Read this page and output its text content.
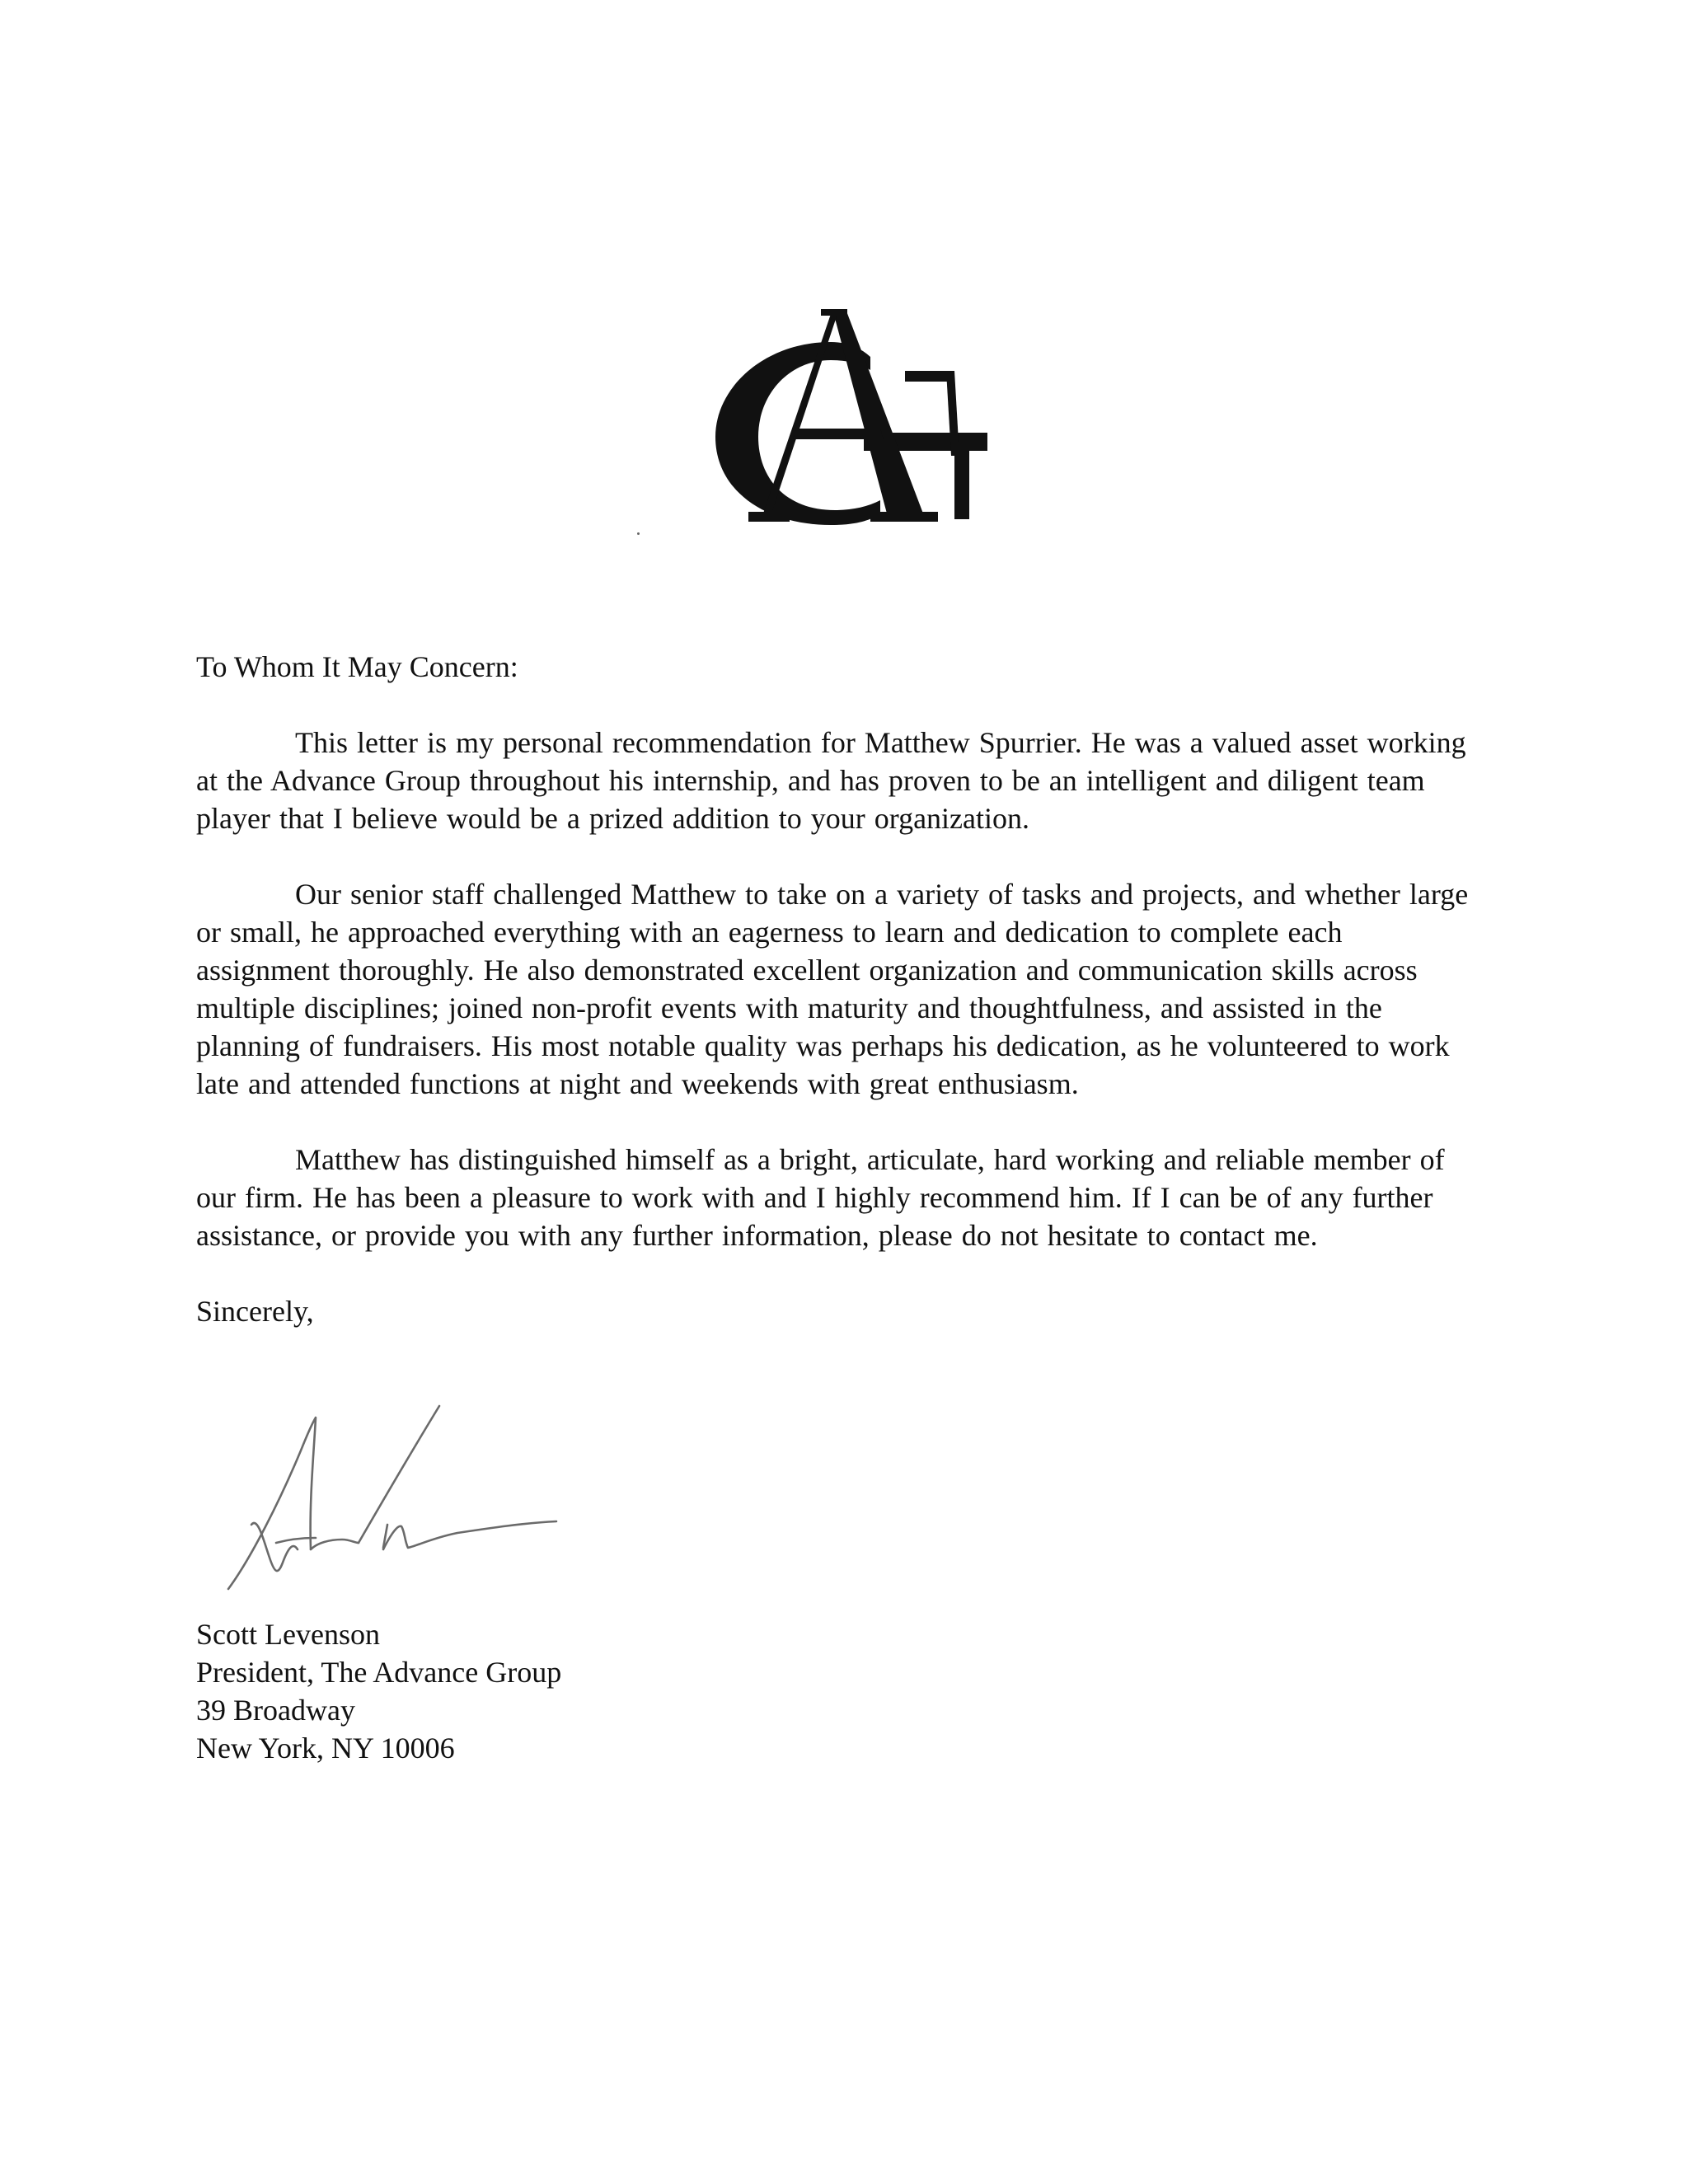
To Whom It May Concern:

This letter is my personal recommendation for Matthew Spurrier. He was a valued asset working at the Advance Group throughout his internship, and has proven to be an intelligent and diligent team player that I believe would be a prized addition to your organization.

Our senior staff challenged Matthew to take on a variety of tasks and projects, and whether large or small, he approached everything with an eagerness to learn and dedication to complete each assignment thoroughly. He also demonstrated excellent organization and communication skills across multiple disciplines; joined non-profit events with maturity and thoughtfulness, and assisted in the planning of fundraisers. His most notable quality was perhaps his dedication, as he volunteered to work late and attended functions at night and weekends with great enthusiasm.

Matthew has distinguished himself as a bright, articulate, hard working and reliable member of our firm. He has been a pleasure to work with and I highly recommend him. If I can be of any further assistance, or provide you with any further information, please do not hesitate to contact me.

Sincerely,

Scott Levenson
President, The Advance Group
39 Broadway
New York, NY 10006
